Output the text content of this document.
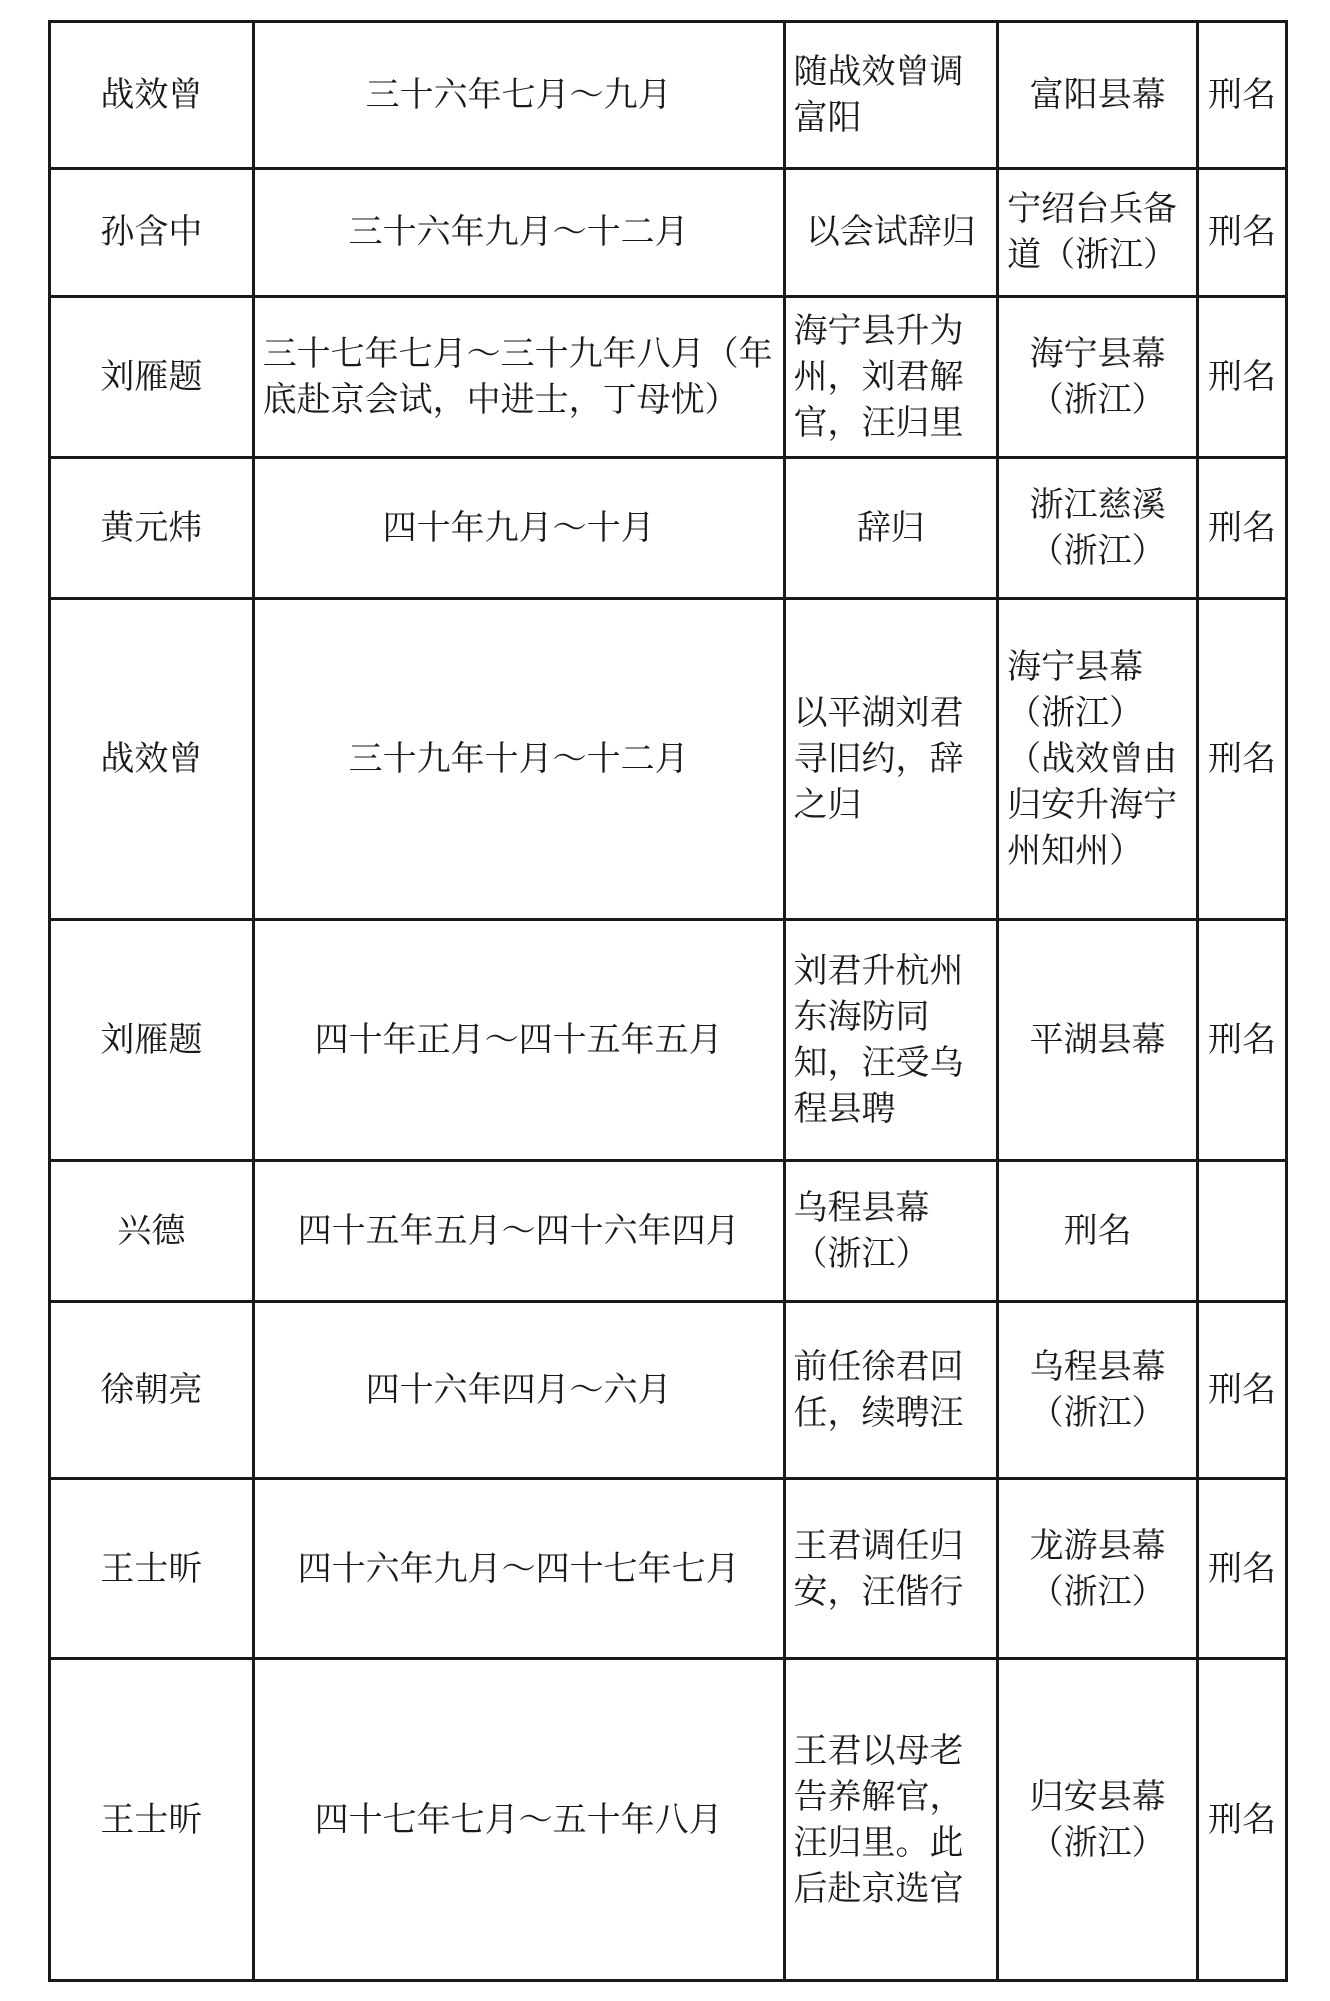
战效曾	三十六年七月～九月	随战效曾调富阳	富阳县幕	刑名
孙含中	三十六年九月～十二月	以会试辞归	宁绍台兵备道（浙江）	刑名
刘雁题	三十七年七月～三十九年八月（年底赴京会试，中进士，丁母忧）	海宁县升为州，刘君解官，汪归里	海宁县幕（浙江）	刑名
黄元炜	四十年九月～十月	辞归	浙江慈溪（浙江）	刑名
战效曾	三十九年十月～十二月	以平湖刘君寻旧约，辞之归	海宁县幕（浙江）（战效曾由归安升海宁州知州）	刑名
刘雁题	四十年正月～四十五年五月	刘君升杭州东海防同知，汪受乌程县聘	平湖县幕	刑名
兴德	四十五年五月～四十六年四月	乌程县幕（浙江）	刑名	
徐朝亮	四十六年四月～六月	前任徐君回任，续聘汪	乌程县幕（浙江）	刑名
王士昕	四十六年九月～四十七年七月	王君调任归安，汪偕行	龙游县幕（浙江）	刑名
王士昕	四十七年七月～五十年八月	王君以母老告养解官，汪归里。此后赴京选官	归安县幕（浙江）	刑名
